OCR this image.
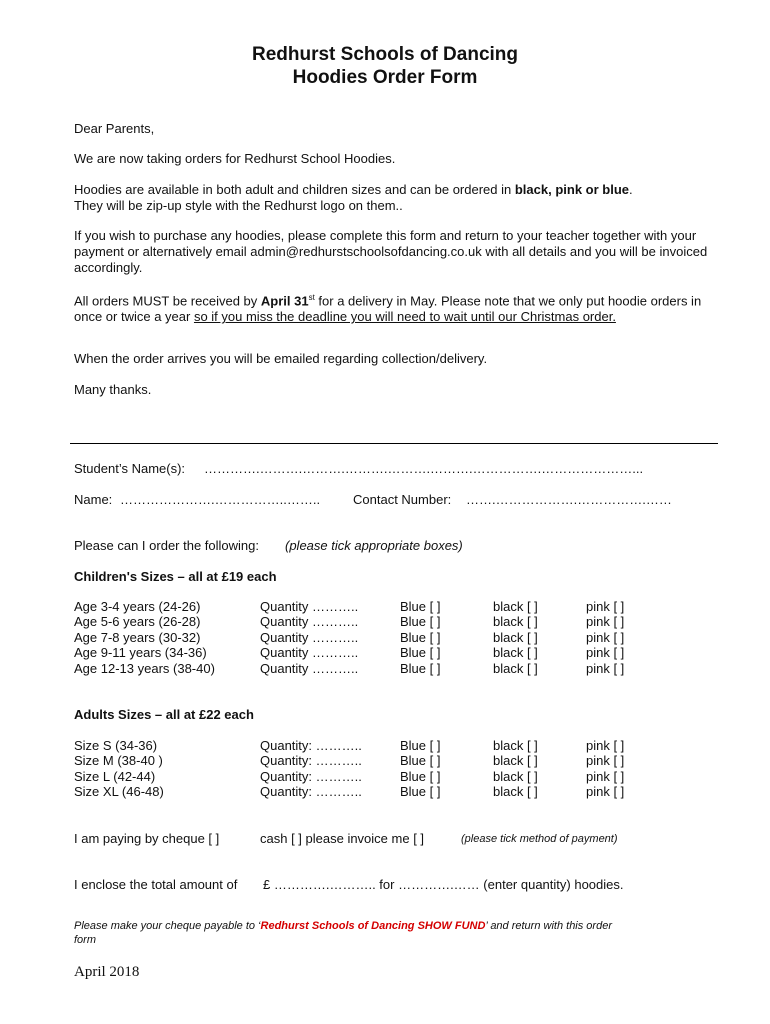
Redhurst Schools of Dancing
Hoodies Order Form
Dear Parents,
We are now taking orders for Redhurst School Hoodies.
Hoodies are available in both adult and children sizes and can be ordered in black, pink or blue.
They will be zip-up style with the Redhurst logo on them..
If you wish to purchase any hoodies, please complete this form and return to your teacher together with your payment or alternatively email admin@redhurstschoolsofdancing.co.uk with all details and you will be invoiced accordingly.
All orders MUST be received by April 31st for a delivery in May. Please note that we only put hoodie orders in once or twice a year so if you miss the deadline you will need to wait until our Christmas order.
When the order arrives you will be emailed regarding collection/delivery.
Many thanks.
Student’s Name(s): ………….……….……….……….……….……….…………….…………………...
Name: ………………….……………..……..	Contact Number: …….……………….…………….……
Please can I order the following: (please tick appropriate boxes)
Children's Sizes – all at £19 each
Age 3-4 years (24-26)	Quantity ………..	Blue [ ]	black [ ]	pink [ ]
Age 5-6 years (26-28)	Quantity ………..	Blue [ ]	black [ ]	pink [ ]
Age 7-8 years (30-32)	Quantity ………..	Blue [ ]	black [ ]	pink [ ]
Age 9-11 years (34-36)	Quantity ………..	Blue [ ]	black [ ]	pink [ ]
Age 12-13 years (38-40)	Quantity ………..	Blue [ ]	black [ ]	pink [ ]
Adults Sizes – all at £22 each
Size S (34-36)	Quantity: ………..	Blue [ ]	black [ ]	pink [ ]
Size M (38-40 )	Quantity: ………..	Blue [ ]	black [ ]	pink [ ]
Size L (42-44)	Quantity: ………..	Blue [ ]	black [ ]	pink [ ]
Size XL (46-48)	Quantity: ………..	Blue [ ]	black [ ]	pink [ ]
I am paying by cheque [ ]	cash [ ] please invoice me [ ]	(please tick method of payment)
I enclose the total amount of £ ………….……….. for ………….…… (enter quantity) hoodies.
Please make your cheque payable to ‘Redhurst Schools of Dancing SHOW FUND’ and return with this order
form
April 2018
